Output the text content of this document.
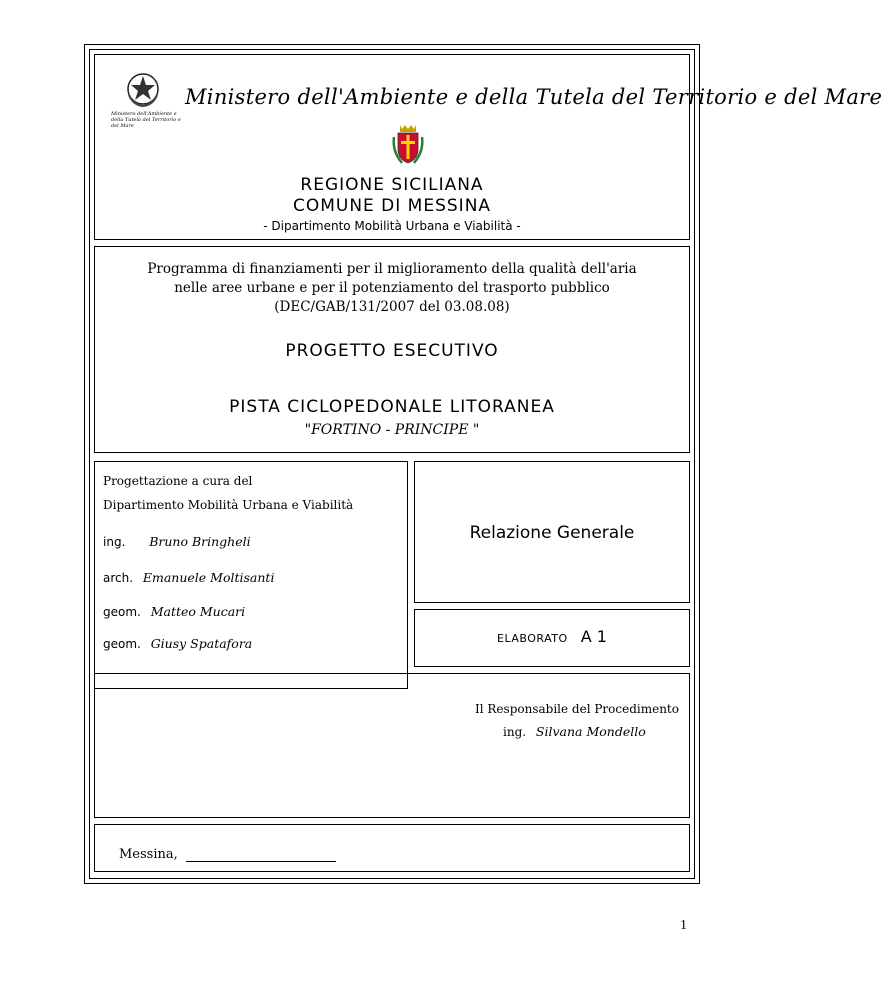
Ministero dell'Ambiente e della Tutela del Territorio e del Mare
Ministero dell'Ambiente e della Tutela del Territorio e del Mare
REGIONE SICILIANA
COMUNE DI MESSINA
- Dipartimento Mobilità Urbana e Viabilità -
Programma di finanziamenti per il miglioramento della qualità dell'aria
nelle aree urbane e per il potenziamento del trasporto pubblico
(DEC/GAB/131/2007 del 03.08.08)
PROGETTO ESECUTIVO
PISTA CICLOPEDONALE LITORANEA
"FORTINO - PRINCIPE "
Progettazione a cura del
Dipartimento Mobilità Urbana e Viabilità
ing. Bruno Bringheli
arch. Emanuele Moltisanti
geom. Matteo Mucari
geom. Giusy Spatafora
Relazione Generale
ELABORATO A 1
Il Responsabile del Procedimento
ing. Silvana Mondello
Messina,
1
